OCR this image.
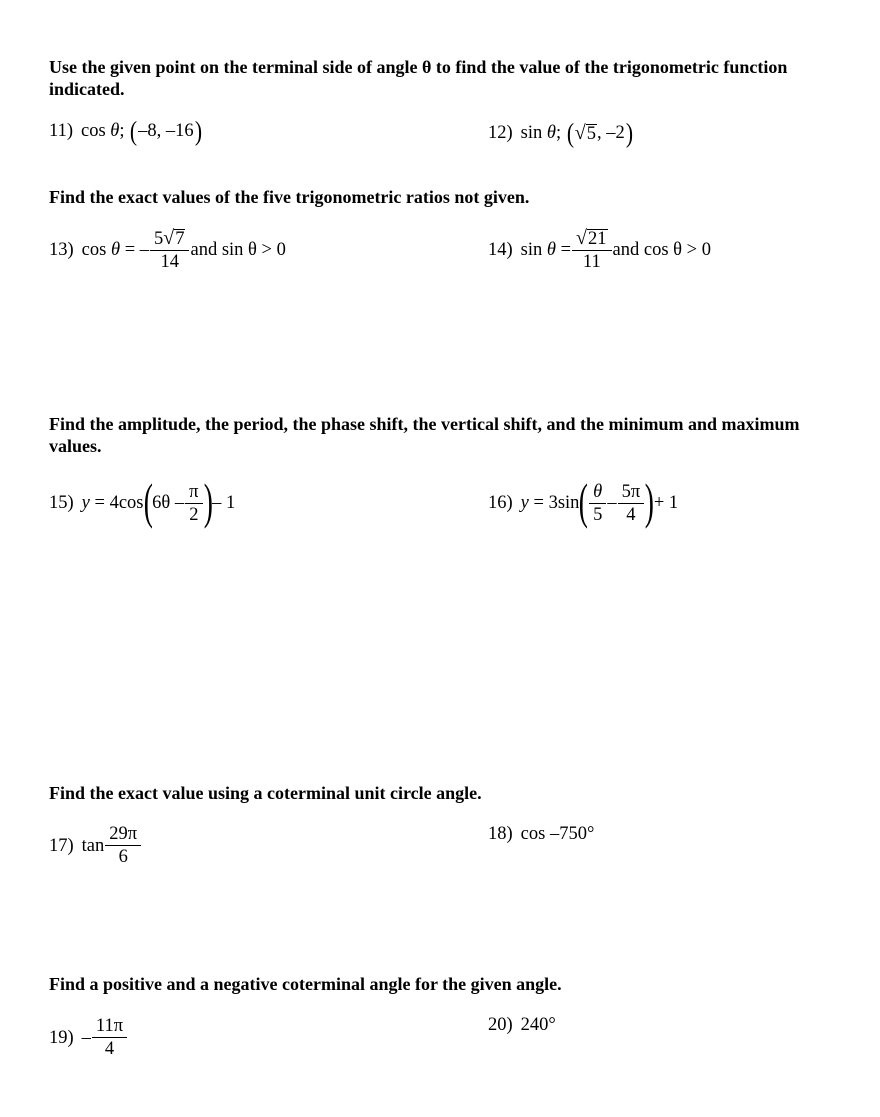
Use the given point on the terminal side of angle θ to find the value of the trigonometric function indicated.
11) cos
θ ;
( –8, –16 )	12) sin
θ ;
( √ 5 , –2 )
Find the exact values of the five trigonometric ratios not given.
13) cos
θ
= – $\frac{5 √ 7}{14}$ and sin θ > 0	14) sin
θ
= $\frac{√ 21}{11}$ and cos θ > 0
Find the amplitude, the period, the phase shift, the vertical shift, and the minimum and maximum values.
15) y
= 4cos ( $6\theta - \frac{\pi}{2}$ ) – 1	16) y
= 3sin ( $\frac{\theta}{5} - \frac{5\pi}{4}$ ) + 1
Find the exact value using a coterminal unit circle angle.
17) $\tan \frac{29\pi}{6}$	18) cos –750°
Find a positive and a negative coterminal angle for the given angle.
$19) - \frac{11\pi}{4}$	20) 240°
